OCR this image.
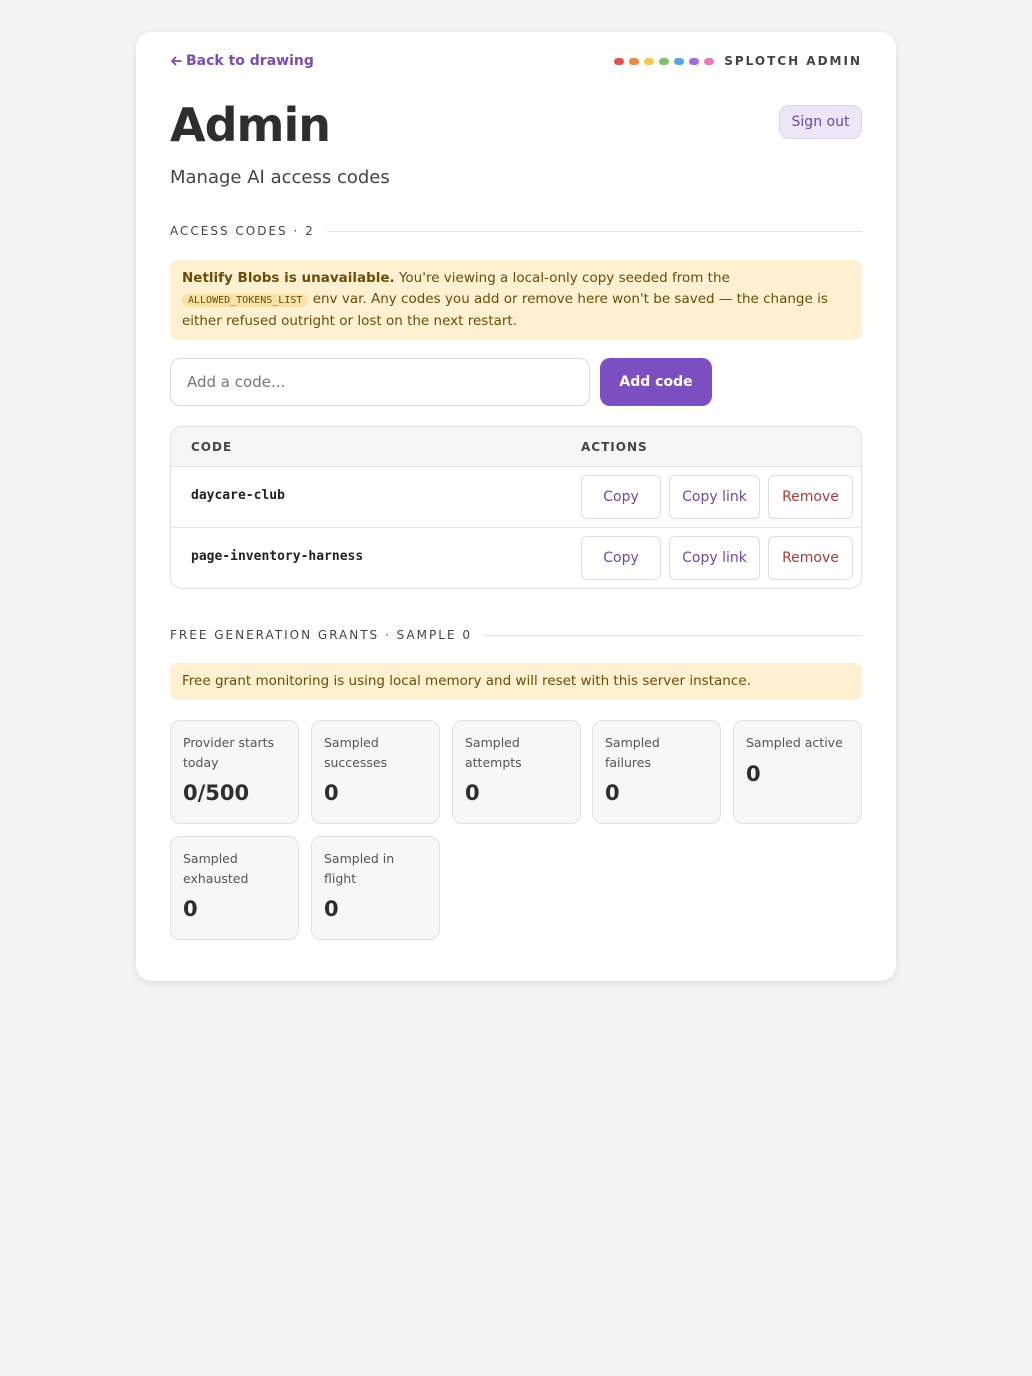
Back to drawing	SPLOTCH ADMIN
Admin	Sign out

Manage AI access codes

ACCESS CODES · 2
Netlify Blobs is unavailable. You're viewing a local-only copy seeded from the ALLOWED_TOKENS_LIST env var. Any codes you add or remove here won't be saved — the change is either refused outright or lost on the next restart.
Add a code...
Add code
CODE	ACTIONS
daycare-club	Copy	Copy link	Remove
page-inventory-harness	Copy	Copy link	Remove
FREE GENERATION GRANTS · SAMPLE 0
Free grant monitoring is using local memory and will reset with this server instance.
Provider starts today
0/500
Sampled successes
0
Sampled attempts
0
Sampled failures
0
Sampled active
0
Sampled exhausted
0
Sampled in flight
0
